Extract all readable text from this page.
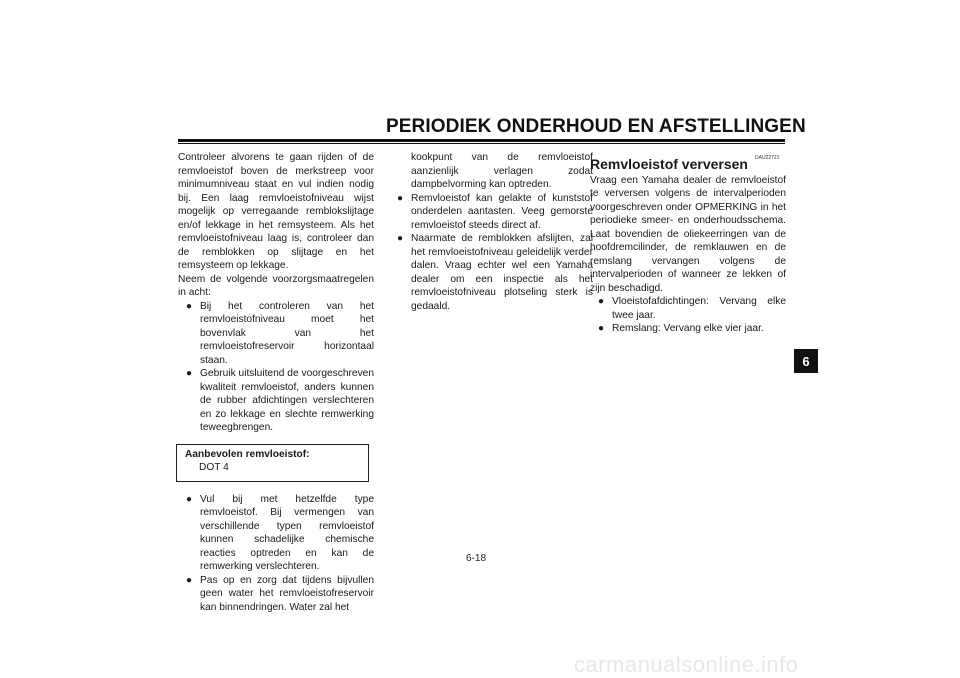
PERIODIEK ONDERHOUD EN AFSTELLINGEN

Controleer alvorens te gaan rijden of de remvloeistof boven de merkstreep voor minimumniveau staat en vul indien nodig bij. Een laag remvloeistofniveau wijst mogelijk op verregaande remblokslijtage en/of lekkage in het remsysteem. Als het remvloeistofniveau laag is, controleer dan de remblokken op slijtage en het remsysteem op lekkage.

Neem de volgende voorzorgsmaatregelen in acht:

● Bij het controleren van het remvloeistofniveau moet het bovenvlak van het remvloeistofreservoir horizontaal staan.
● Gebruik uitsluitend de voorgeschreven kwaliteit remvloeistof, anders kunnen de rubber afdichtingen verslechteren en zo lekkage en slechte remwerking teweegbrengen.
Aanbevolen remvloeistof:
DOT 4
● Vul bij met hetzelfde type remvloeistof. Bij vermengen van verschillende typen remvloeistof kunnen schadelijke chemische reacties optreden en kan de remwerking verslechteren.
● Pas op en zorg dat tijdens bijvullen geen water het remvloeistofreservoir kan binnendringen. Water zal het

kookpunt van de remvloeistof aanzienlijk verlagen zodat dampbelvorming kan optreden.

● Remvloeistof kan gelakte of kunststof onderdelen aantasten. Veeg gemorste remvloeistof steeds direct af.
● Naarmate de remblokken afslijten, zal het remvloeistofniveau geleidelijk verder dalen. Vraag echter wel een Yamaha dealer om een inspectie als het remvloeistofniveau plotseling sterk is gedaald.
DAU22721
Remvloeistof verversen

Vraag een Yamaha dealer de remvloeistof te verversen volgens de intervalperioden voorgeschreven onder OPMERKING in het periodieke smeer- en onderhoudsschema. Laat bovendien de oliekeerringen van de hoofdremcilinder, de remklauwen en de remslang vervangen volgens de intervalperioden of wanneer ze lekken of zijn beschadigd.

● Vloeistofafdichtingen: Vervang elke twee jaar.
● Remslang: Vervang elke vier jaar.
6
6-18
carmanualsonline.info
